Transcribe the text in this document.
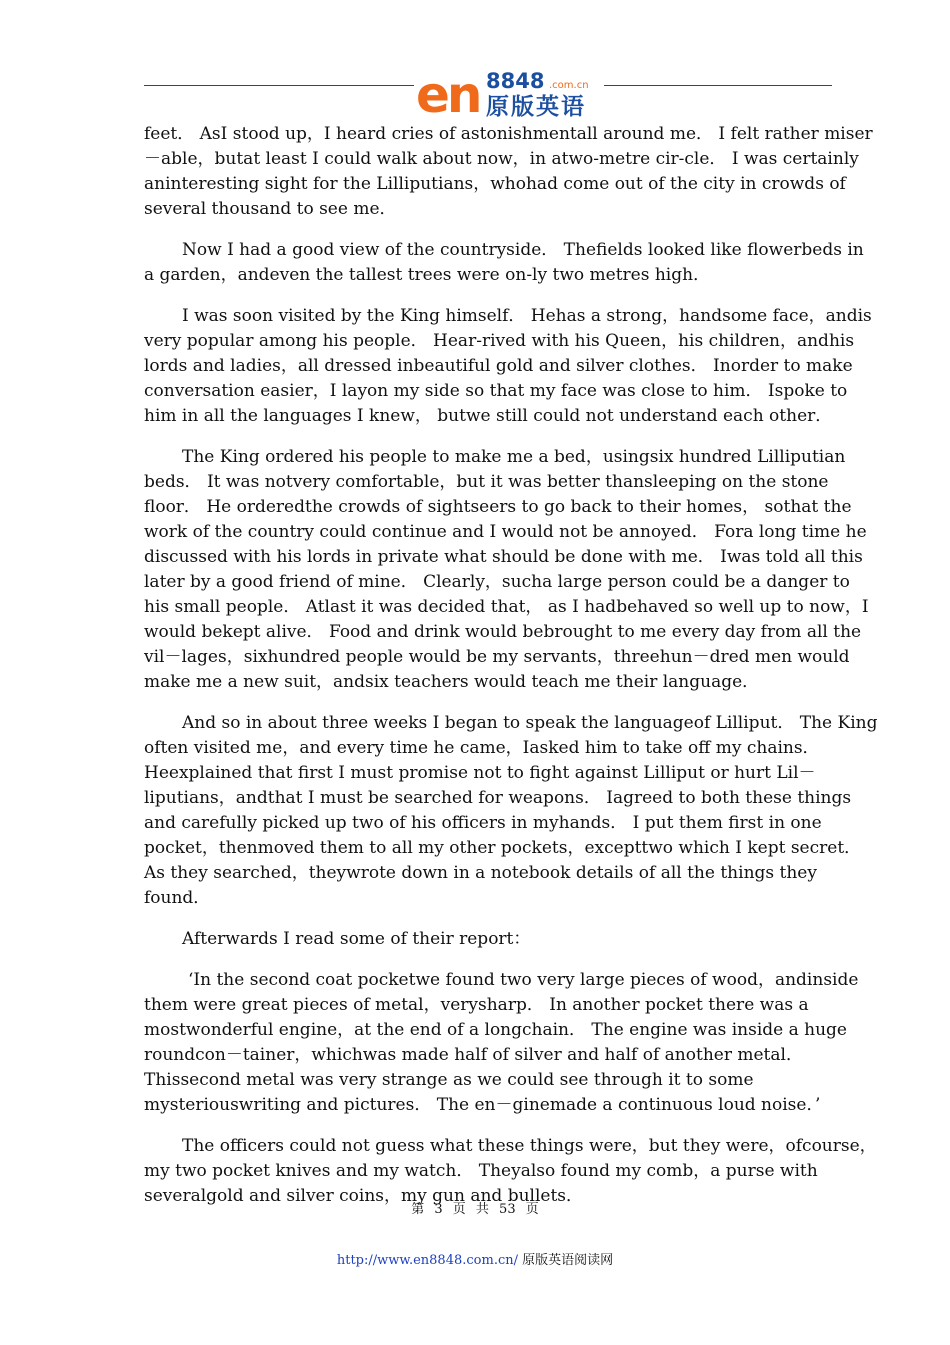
en 8848 .com.cn
原版英语

feet． AsI stood up，I heard cries of astonishmentall around me． I felt rather miser－able，butat least I could walk about now，in atwo-metre cir-cle． I was certainly aninteresting sight for the Lilliputians，whohad come out of the city in crowds of several thousand to see me．

Now I had a good view of the countryside． Thefields looked like flowerbeds in a garden，andeven the tallest trees were on-ly two metres high．

I was soon visited by the King himself． Hehas a strong，handsome face，andis very popular among his people． Hear-rived with his Queen，his children，andhis lords and ladies，all dressed inbeautiful gold and silver clothes． Inorder to make conversation easier，I layon my side so that my face was close to him． Ispoke to him in all the languages I knew， butwe still could not understand each other．

The King ordered his people to make me a bed，usingsix hundred Lilliputian beds． It was notvery comfortable，but it was better thansleeping on the stone floor． He orderedthe crowds of sightseers to go back to their homes， sothat the work of the country could continue and I would not be annoyed． Fora long time he discussed with his lords in private what should be done with me． Iwas told all this later by a good friend of mine． Clearly，sucha large person could be a danger to his small people． Atlast it was decided that， as I hadbehaved so well up to now，I would bekept alive． Food and drink would bebrought to me every day from all the vil－lages，sixhundred people would be my servants，threehun－dred men would make me a new suit，andsix teachers would teach me their language．

And so in about three weeks I began to speak the languageof Lilliput． The King often visited me，and every time he came，Iasked him to take off my chains． Heexplained that first I must promise not to fight against Lilliput or hurt Lil－liputians，andthat I must be searched for weapons． Iagreed to both these things and carefully picked up two of his officers in myhands． I put them first in one pocket，thenmoved them to all my other pockets，excepttwo which I kept secret． As they searched，theywrote down in a notebook details of all the things they found．

Afterwards I read some of their report：

‘In the second coat pocketwe found two very large pieces of wood，andinside them were great pieces of metal，verysharp． In another pocket there was a mostwonderful engine，at the end of a longchain． The engine was inside a huge roundcon－tainer，whichwas made half of silver and half of another metal． Thissecond metal was very strange as we could see through it to some mysteriouswriting and pictures． The en－ginemade a continuous loud noise．’

The officers could not guess what these things were，but they were，ofcourse，my two pocket knives and my watch． Theyalso found my comb，a purse with severalgold and silver coins，my gun and bullets．

第 3 页 共 53 页
http://www.en8848.com.cn/ 原版英语阅读网
